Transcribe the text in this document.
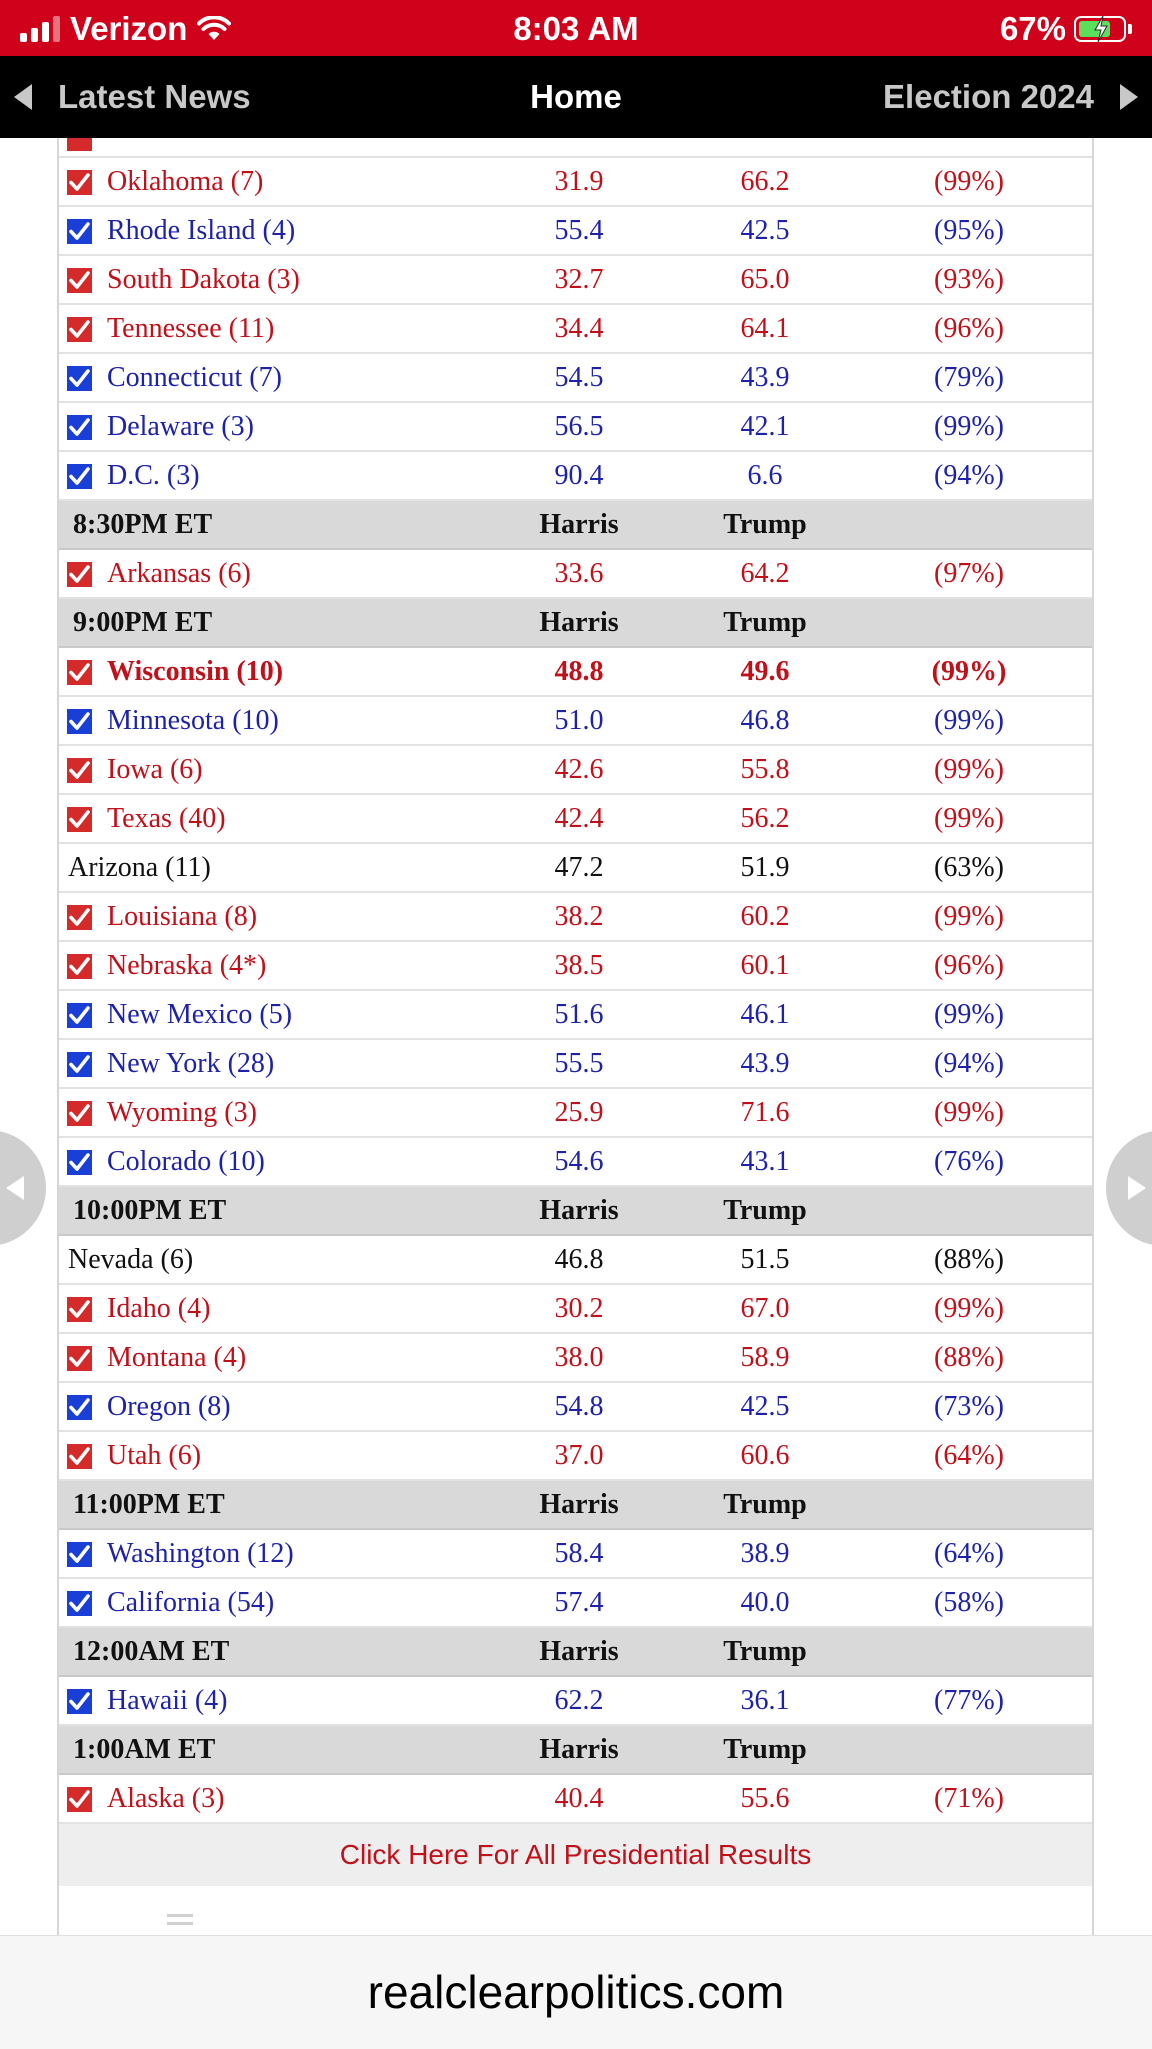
Verizon	8:03 AM	67%
Latest News	Home	Election 2024
Oklahoma (7)	31.9	66.2	(99%)
Rhode Island (4)	55.4	42.5	(95%)
South Dakota (3)	32.7	65.0	(93%)
Tennessee (11)	34.4	64.1	(96%)
Connecticut (7)	54.5	43.9	(79%)
Delaware (3)	56.5	42.1	(99%)
D.C. (3)	90.4	6.6	(94%)
8:30PM ET	Harris	Trump
Arkansas (6)	33.6	64.2	(97%)
9:00PM ET	Harris	Trump
Wisconsin (10)	48.8	49.6	(99%)
Minnesota (10)	51.0	46.8	(99%)
Iowa (6)	42.6	55.8	(99%)
Texas (40)	42.4	56.2	(99%)
Arizona (11)	47.2	51.9	(63%)
Louisiana (8)	38.2	60.2	(99%)
Nebraska (4*)	38.5	60.1	(96%)
New Mexico (5)	51.6	46.1	(99%)
New York (28)	55.5	43.9	(94%)
Wyoming (3)	25.9	71.6	(99%)
Colorado (10)	54.6	43.1	(76%)
10:00PM ET	Harris	Trump
Nevada (6)	46.8	51.5	(88%)
Idaho (4)	30.2	67.0	(99%)
Montana (4)	38.0	58.9	(88%)
Oregon (8)	54.8	42.5	(73%)
Utah (6)	37.0	60.6	(64%)
11:00PM ET	Harris	Trump
Washington (12)	58.4	38.9	(64%)
California (54)	57.4	40.0	(58%)
12:00AM ET	Harris	Trump
Hawaii (4)	62.2	36.1	(77%)
1:00AM ET	Harris	Trump
Alaska (3)	40.4	55.6	(71%)
Click Here For All Presidential Results
realclearpolitics.com
